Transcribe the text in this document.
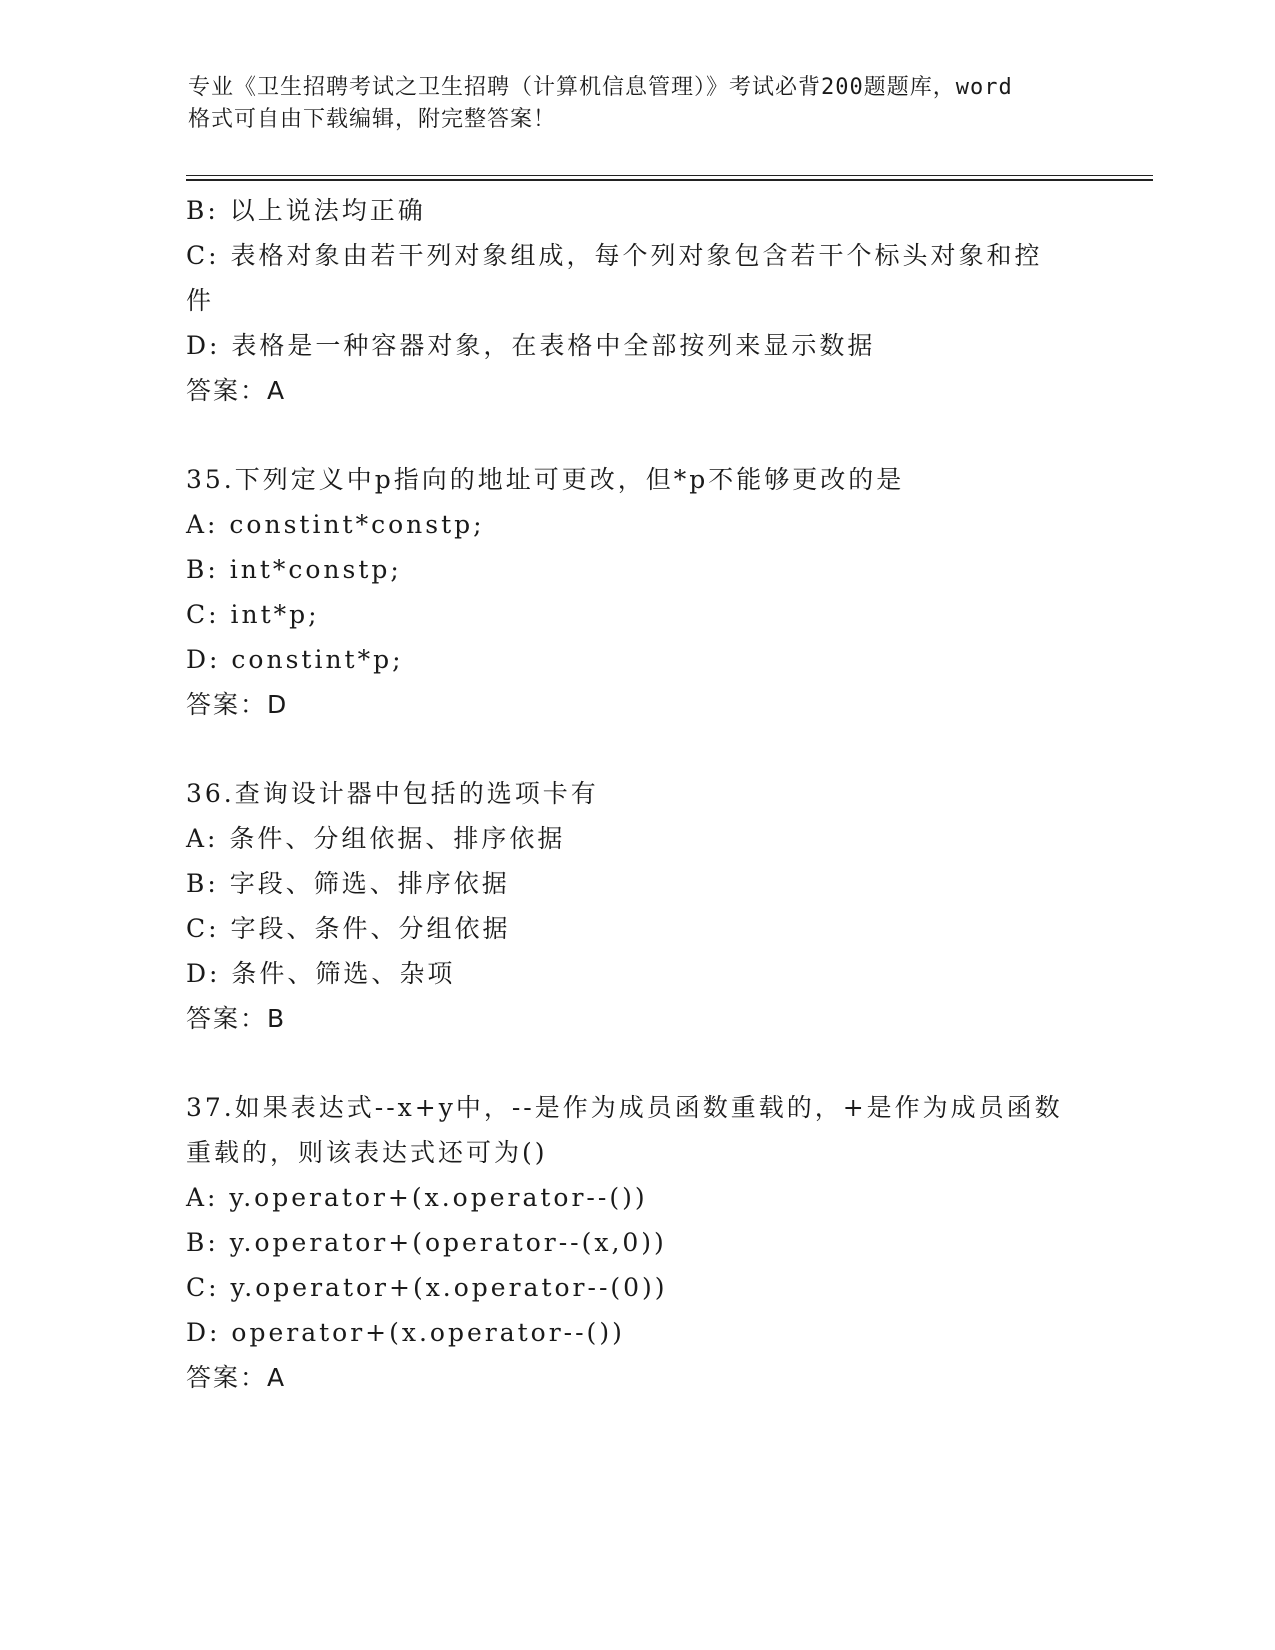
专业《卫生招聘考试之卫生招聘（计算机信息管理）》考试必背200题题库，word
格式可自由下载编辑，附完整答案！
B: 以上说法均正确
C: 表格对象由若干列对象组成，每个列对象包含若干个标头对象和控
件
D: 表格是一种容器对象，在表格中全部按列来显示数据
答案：A
35.下列定义中p指向的地址可更改，但*p不能够更改的是
A: constint*constp;
B: int*constp;
C: int*p;
D: constint*p;
答案：D
36.查询设计器中包括的选项卡有
A: 条件、分组依据、排序依据
B: 字段、筛选、排序依据
C: 字段、条件、分组依据
D: 条件、筛选、杂项
答案：B
37.如果表达式--x+y中，--是作为成员函数重载的，+是作为成员函数
重载的，则该表达式还可为()
A: y.operator+(x.operator--())
B: y.operator+(operator--(x,0))
C: y.operator+(x.operator--(0))
D: operator+(x.operator--())
答案：A
